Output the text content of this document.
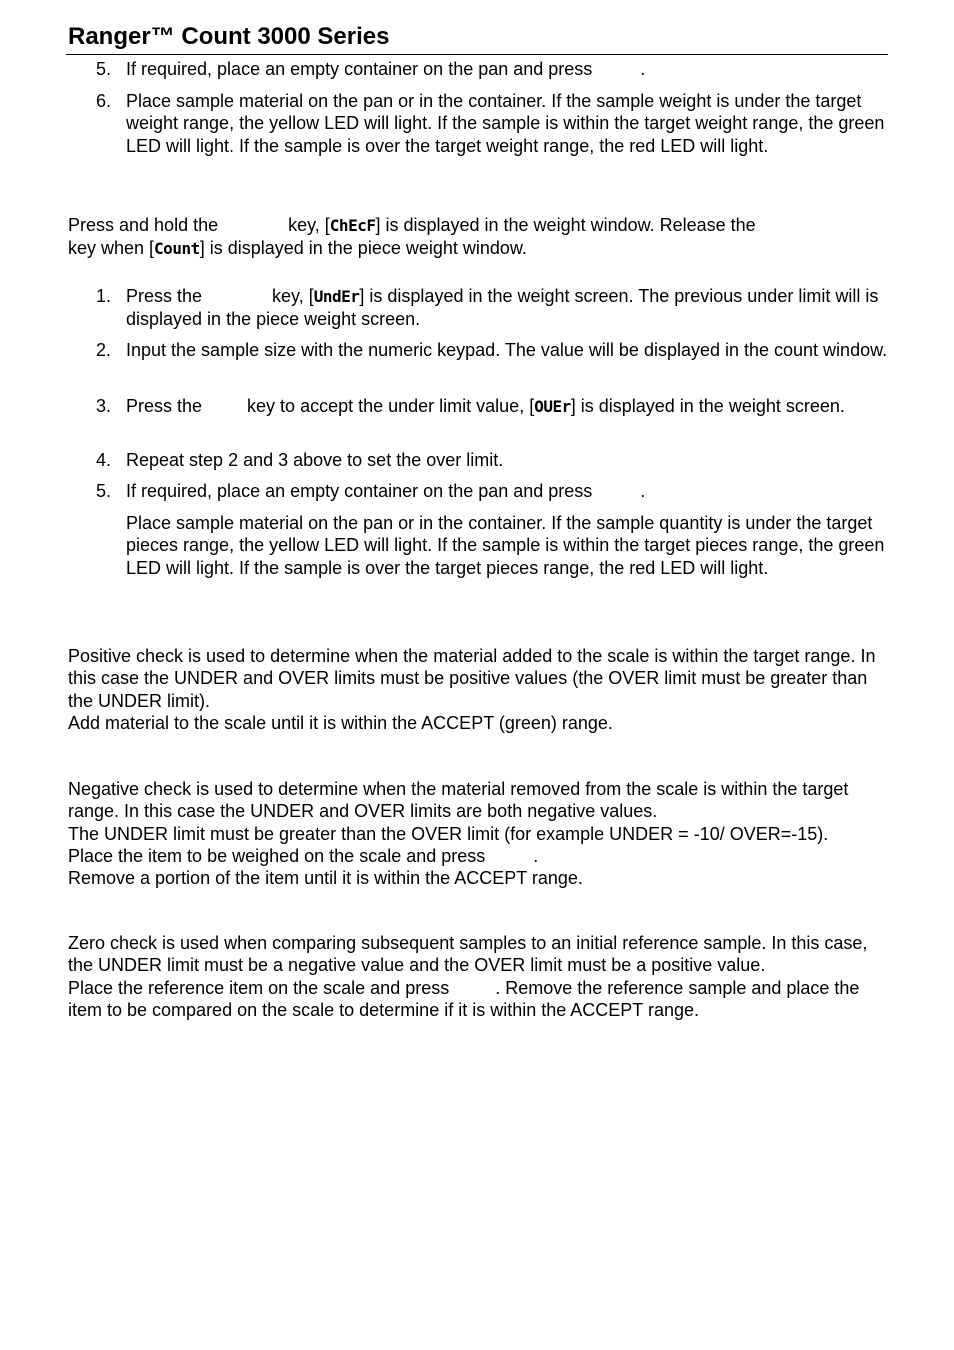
Ranger™ Count 3000 Series
5. If required, place an empty container on the pan and press	.
6. Place sample material on the pan or in the container. If the sample weight is under the target weight range, the yellow LED will light. If the sample is within the target weight range, the green LED will light. If the sample is over the target weight range, the red LED will light.
Press and hold the	key, [ChEcF] is displayed in the weight window. Release the
key when [Count] is displayed in the piece weight window.
1. Press the	key, [UndEr] is displayed in the weight screen. The previous under limit will is displayed in the piece weight screen.
2. Input the sample size with the numeric keypad. The value will be displayed in the count window.
3. Press the	key to accept the under limit value, [OUEr] is displayed in the weight screen.
4. Repeat step 2 and 3 above to set the over limit.
5. If required, place an empty container on the pan and press	.
Place sample material on the pan or in the container. If the sample quantity is under the target pieces range, the yellow LED will light. If the sample is within the target pieces range, the green LED will light. If the sample is over the target pieces range, the red LED will light.
Positive check is used to determine when the material added to the scale is within the target range. In this case the UNDER and OVER limits must be positive values (the OVER limit must be greater than the UNDER limit).
Add material to the scale until it is within the ACCEPT (green) range.
Negative check is used to determine when the material removed from the scale is within the target range. In this case the UNDER and OVER limits are both negative values.
The UNDER limit must be greater than the OVER limit (for example UNDER = -10/ OVER=-15).
Place the item to be weighed on the scale and press	.
Remove a portion of the item until it is within the ACCEPT range.
Zero check is used when comparing subsequent samples to an initial reference sample. In this case, the UNDER limit must be a negative value and the OVER limit must be a positive value.
Place the reference item on the scale and press	. Remove the reference sample and place the item to be compared on the scale to determine if it is within the ACCEPT range.
